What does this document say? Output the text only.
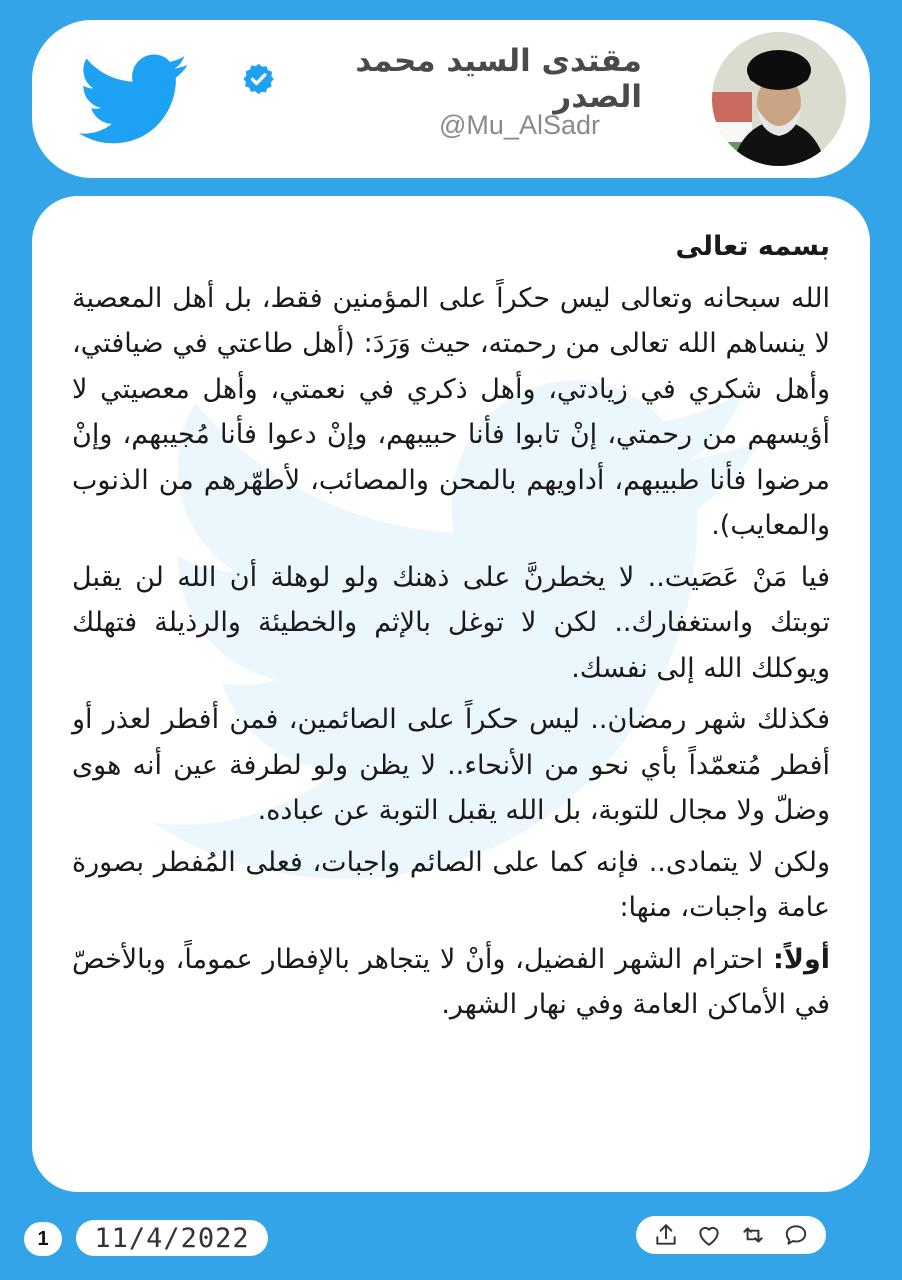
مقتدى السيد محمد الصدر
@Mu_AlSadr

بسمه تعالى

الله سبحانه وتعالى ليس حكراً على المؤمنين فقط، بل أهل المعصية لا ينساهم الله تعالى من رحمته، حيث وَرَدَ: (أهل طاعتي في ضيافتي، وأهل شكري في زيادتي، وأهل ذكري في نعمتي، وأهل معصيتي لا أؤيسهم من رحمتي، إنْ تابوا فأنا حبيبهم، وإنْ دعوا فأنا مُجيبهم، وإنْ مرضوا فأنا طبيبهم، أداويهم بالمحن والمصائب، لأطهّرهم من الذنوب والمعايب).

فيا مَنْ عَصَيت.. لا يخطرنَّ على ذهنك ولو لوهلة أن الله لن يقبل توبتك واستغفارك.. لكن لا توغل بالإثم والخطيئة والرذيلة فتهلك ويوكلك الله إلى نفسك.

فكذلك شهر رمضان.. ليس حكراً على الصائمين، فمن أفطر لعذر أو أفطر مُتعمّداً بأي نحو من الأنحاء.. لا يظن ولو لطرفة عين أنه هوى وضلّ ولا مجال للتوبة، بل الله يقبل التوبة عن عباده.

ولكن لا يتمادى.. فإنه كما على الصائم واجبات، فعلى المُفطر بصورة عامة واجبات، منها:

أولاً: احترام الشهر الفضيل، وأنْ لا يتجاهر بالإفطار عموماً، وبالأخصّ في الأماكن العامة وفي نهار الشهر.

1	11/4/2022
